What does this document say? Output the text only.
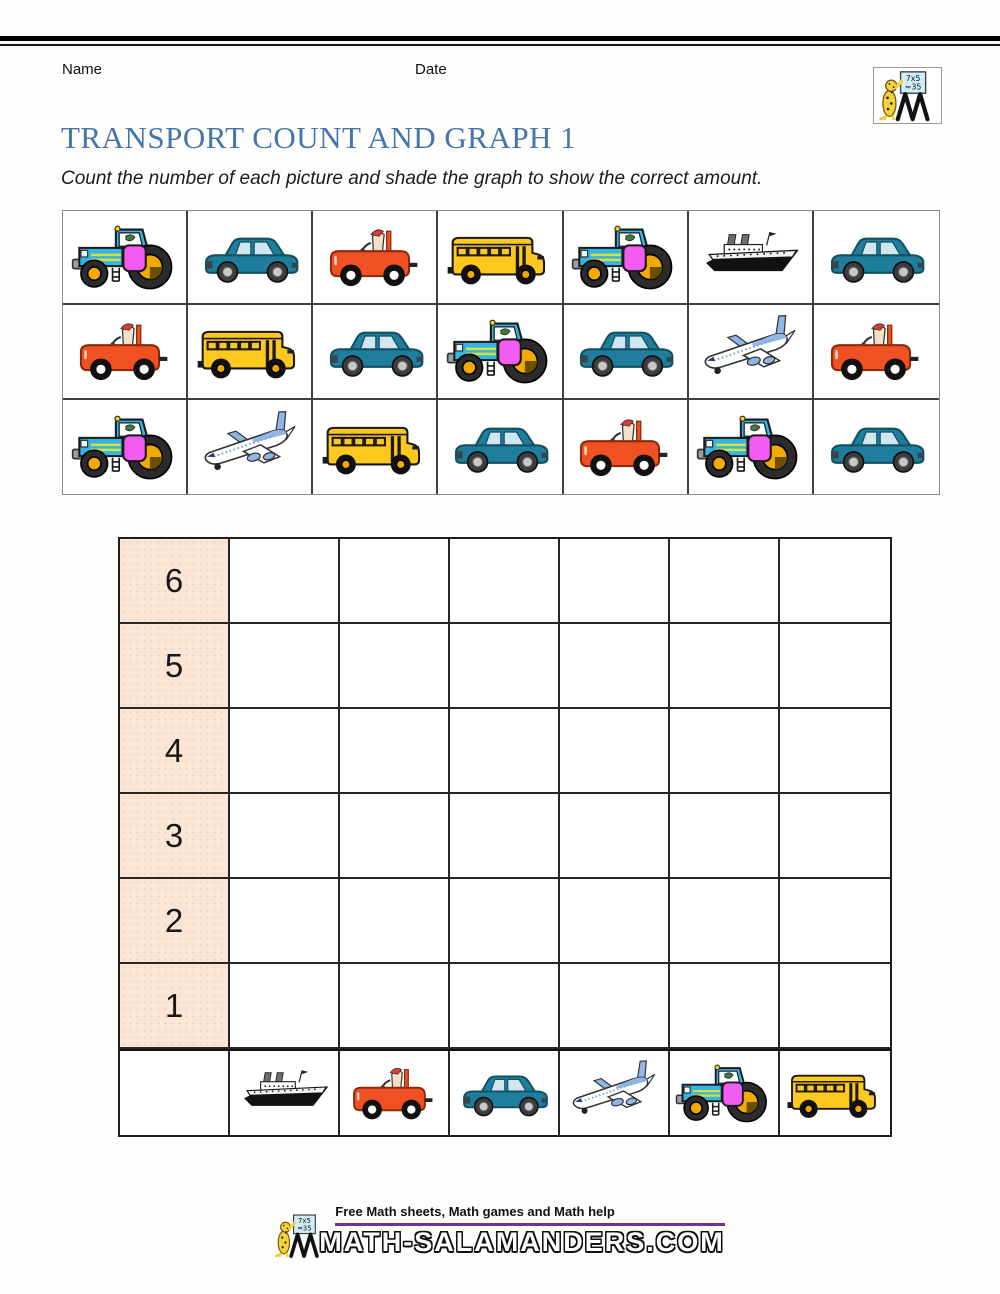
Name	Date
TRANSPORT COUNT AND GRAPH 1

Count the number of each picture and shade the graph to show the correct amount.

6
5
4
3
2
1
Free Math sheets, Math games and Math help
MATH-SALAMANDERS.COM
